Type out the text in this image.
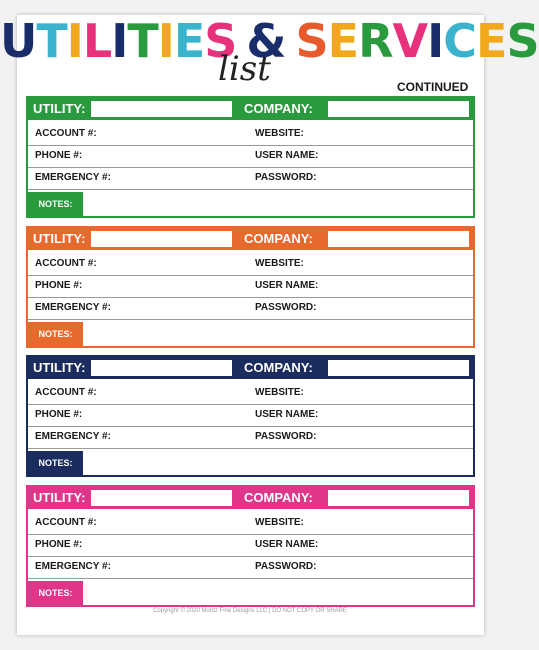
UTILITIES & SERVICES
list	CONTINUED
UTILITY:	COMPANY:
ACCOUNT #:	WEBSITE:
PHONE #:	USER NAME:
EMERGENCY #:	PASSWORD:
NOTES:
UTILITY:	COMPANY:
ACCOUNT #:	WEBSITE:
PHONE #:	USER NAME:
EMERGENCY #:	PASSWORD:
NOTES:
UTILITY:	COMPANY:
ACCOUNT #:	WEBSITE:
PHONE #:	USER NAME:
EMERGENCY #:	PASSWORD:
NOTES:
UTILITY:	COMPANY:
ACCOUNT #:	WEBSITE:
PHONE #:	USER NAME:
EMERGENCY #:	PASSWORD:
NOTES:
Copyright © 2020 Moritz Fine Designs LLC | DO NOT COPY OR SHARE
